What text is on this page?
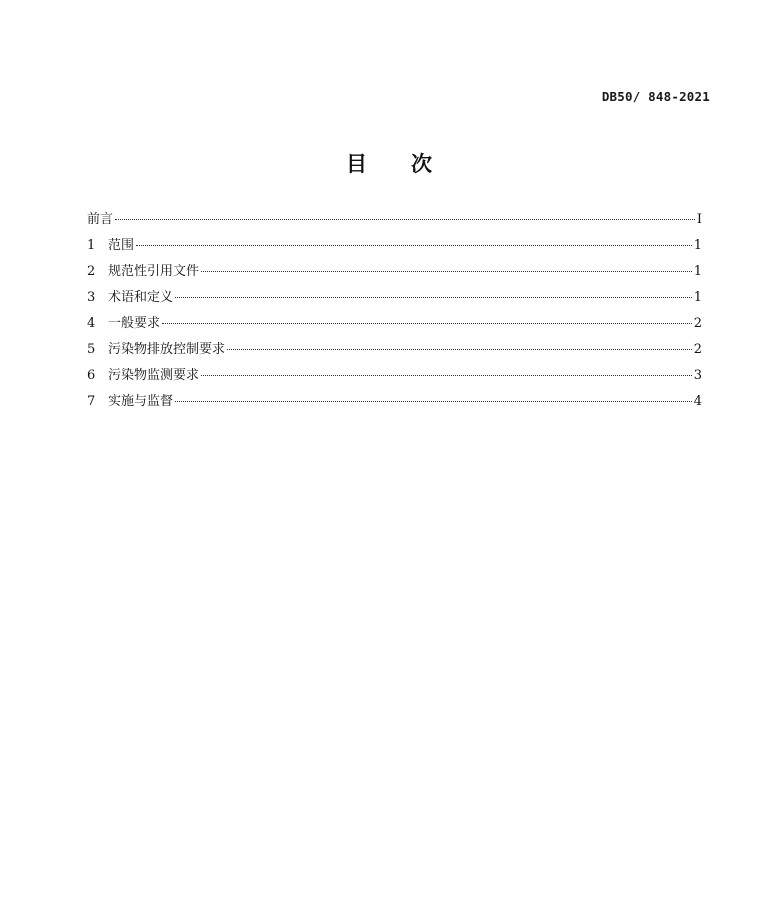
DB50/ 848-2021
目 次
前言	I
1 范围	1
2 规范性引用文件	1
3 术语和定义	1
4 一般要求	2
5 污染物排放控制要求	2
6 污染物监测要求	3
7 实施与监督	4
